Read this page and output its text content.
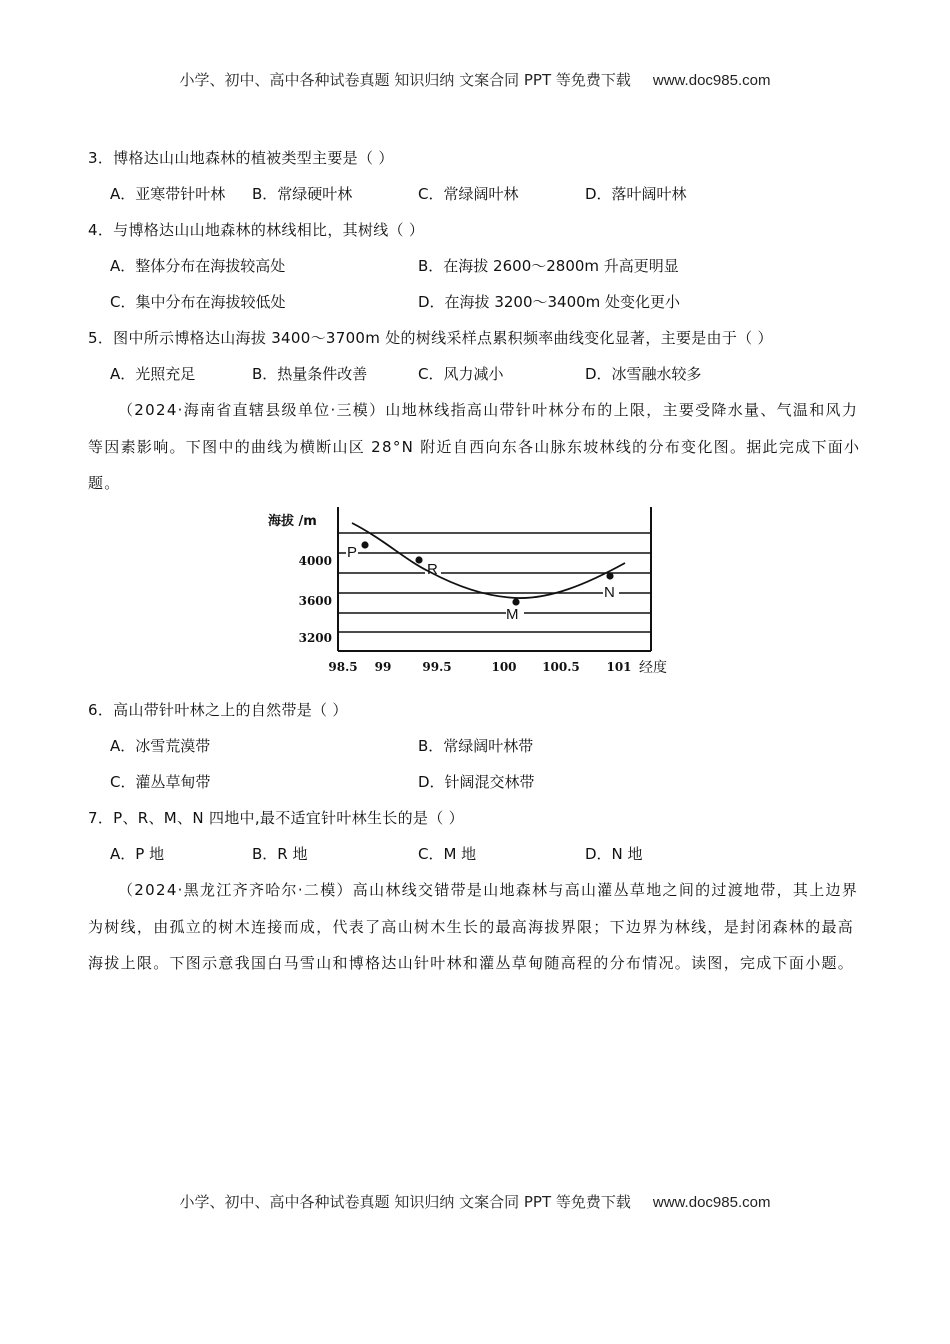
小学、初中、高中各种试卷真题 知识归纳 文案合同 PPT 等免费下载 www.doc985.com
3．博格达山山地森林的植被类型主要是（ ）
A．亚寒带针叶林 B．常绿硬叶林	C．常绿阔叶林	D．落叶阔叶林
4．与博格达山山地森林的林线相比，其树线（ ）
A．整体分布在海拔较高处	B．在海拔 2600～2800m 升高更明显
C．集中分布在海拔较低处	D．在海拔 3200～3400m 处变化更小
5．图中所示博格达山海拔 3400～3700m 处的树线采样点累积频率曲线变化显著，主要是由于（ ）
A．光照充足	B．热量条件改善	C．风力减小	D．冰雪融水较多
（2024·海南省直辖县级单位·三模）山地林线指高山带针叶林分布的上限，主要受降水量、气温和风力等因素影响。下图中的曲线为横断山区 28°N 附近自西向东各山脉东坡林线的分布变化图。据此完成下面小题。
P
R
M
N
4000
3600
3200
海拔 /m
98.5 99	99.5	100 100.5 101 经度
6．高山带针叶林之上的自然带是（ ）
A．冰雪荒漠带	B．常绿阔叶林带
C．灌丛草甸带	D．针阔混交林带
7．P、R、M、N 四地中,最不适宜针叶林生长的是（ ）
A．P 地	B．R 地	C．M 地	D．N 地
（2024·黑龙江齐齐哈尔·二模）高山林线交错带是山地森林与高山灌丛草地之间的过渡地带，其上边界为树线，由孤立的树木连接而成，代表了高山树木生长的最高海拔界限；下边界为林线，是封闭森林的最高海拔上限。下图示意我国白马雪山和博格达山针叶林和灌丛草甸随高程的分布情况。读图，完成下面小题。
小学、初中、高中各种试卷真题 知识归纳 文案合同 PPT 等免费下载 www.doc985.com
